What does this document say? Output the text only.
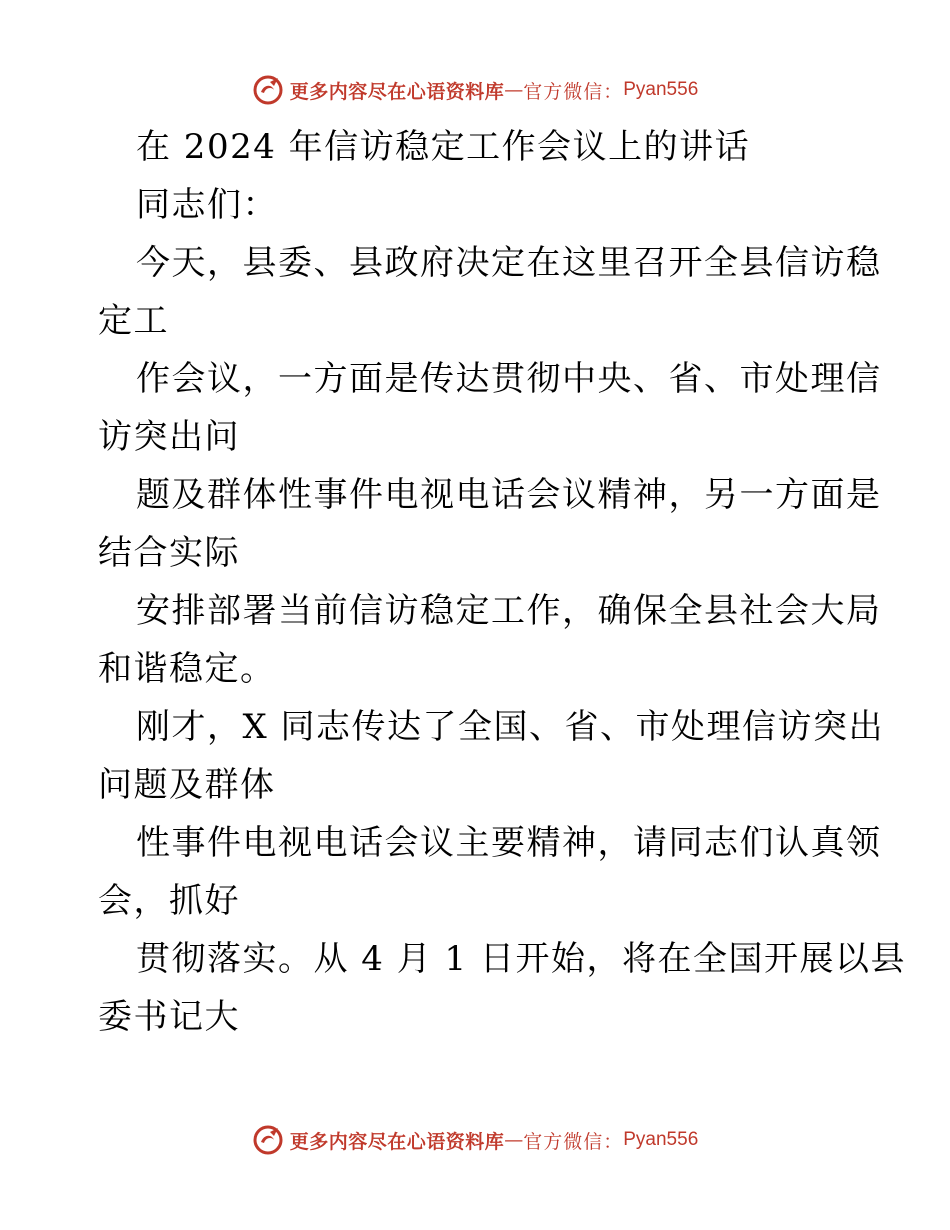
更多内容尽在心语资料库 — 官方微信： Pyan556
在 2024 年信访稳定工作会议上的讲话
同志们：
今天，县委、县政府决定在这里召开全县信访稳
定工
作会议，一方面是传达贯彻中央、省、市处理信
访突出问
题及群体性事件电视电话会议精神，另一方面是
结合实际
安排部署当前信访稳定工作，确保全县社会大局
和谐稳定。
刚才，X 同志传达了全国、省、市处理信访突出
问题及群体
性事件电视电话会议主要精神，请同志们认真领
会，抓好
贯彻落实。从 4 月 1 日开始，将在全国开展以县
委书记大
更多内容尽在心语资料库 — 官方微信： Pyan556
